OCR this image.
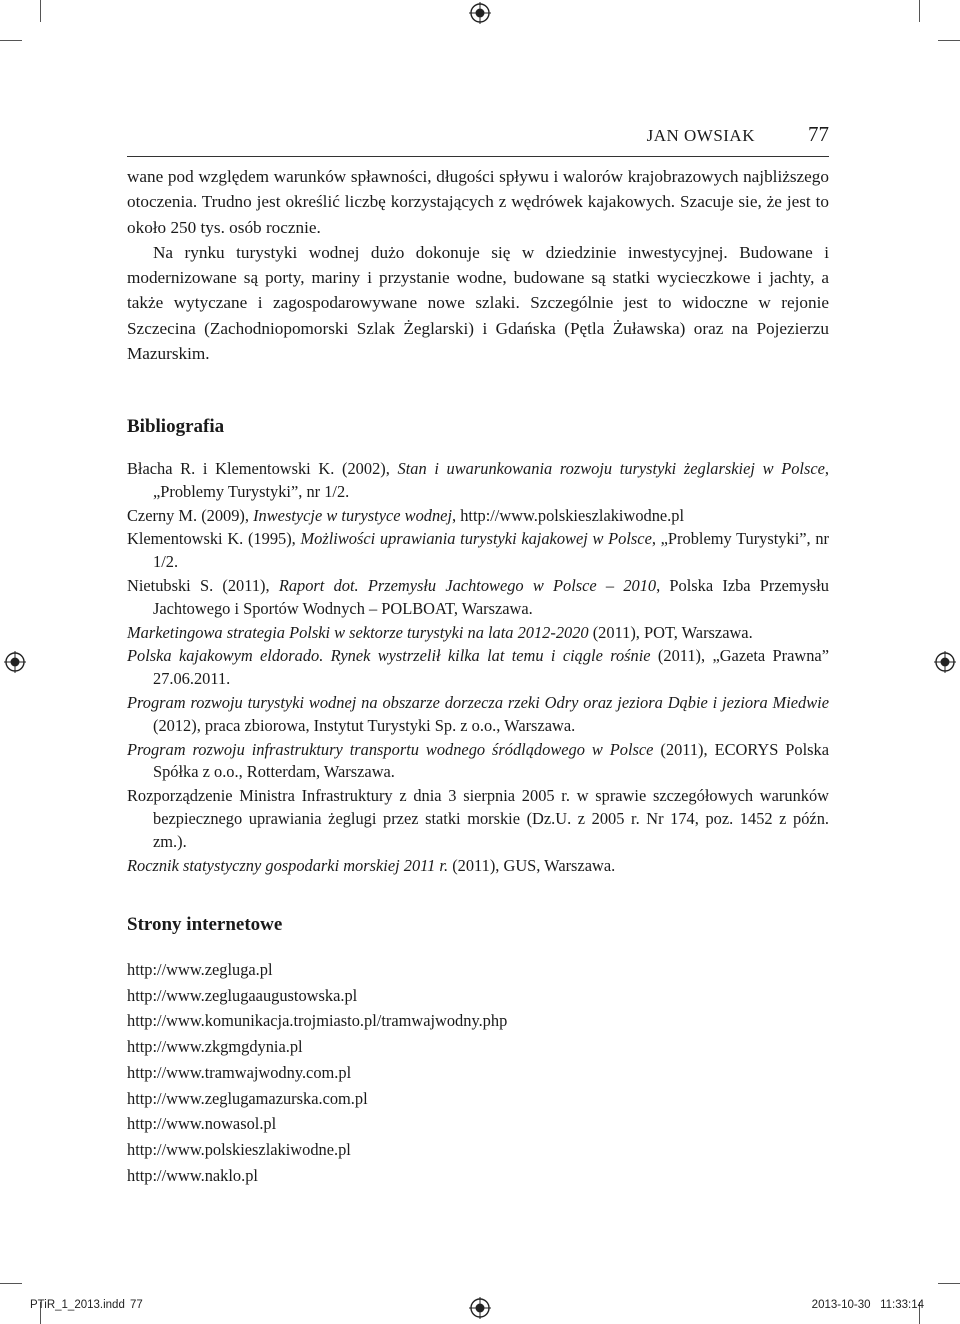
JAN OWSIAK	77

wane pod względem warunków spławności, długości spływu i walorów krajobrazowych najbliższego otoczenia. Trudno jest określić liczbę korzystających z wędrówek kajakowych. Szacuje sie, że jest to około 250 tys. osób rocznie.

Na rynku turystyki wodnej dużo dokonuje się w dziedzinie inwestycyjnej. Budowane i modernizowane są porty, mariny i przystanie wodne, budowane są statki wycieczkowe i jachty, a także wytyczane i zagospodarowywane nowe szlaki. Szczególnie jest to widoczne w rejonie Szczecina (Zachodniopomorski Szlak Żeglarski) i Gdańska (Pętla Żuławska) oraz na Pojezierzu Mazurskim.

Bibliografia
Błacha R. i Klementowski K. (2002), Stan i uwarunkowania rozwoju turystyki żeglarskiej w Polsce, „Problemy Turystyki”, nr 1/2.
Czerny M. (2009), Inwestycje w turystyce wodnej, http://www.polskieszlakiwodne.pl
Klementowski K. (1995), Możliwości uprawiania turystyki kajakowej w Polsce, „Problemy Turystyki”, nr 1/2.
Nietubski S. (2011), Raport dot. Przemysłu Jachtowego w Polsce – 2010, Polska Izba Przemysłu Jachtowego i Sportów Wodnych – POLBOAT, Warszawa.
Marketingowa strategia Polski w sektorze turystyki na lata 2012-2020 (2011), POT, Warszawa.
Polska kajakowym eldorado. Rynek wystrzelił kilka lat temu i ciągle rośnie (2011), „Gazeta Prawna” 27.06.2011.
Program rozwoju turystyki wodnej na obszarze dorzecza rzeki Odry oraz jeziora Dąbie i jeziora Miedwie (2012), praca zbiorowa, Instytut Turystyki Sp. z o.o., Warszawa.
Program rozwoju infrastruktury transportu wodnego śródlądowego w Polsce (2011), ECORYS Polska Spółka z o.o., Rotterdam, Warszawa.
Rozporządzenie Ministra Infrastruktury z dnia 3 sierpnia 2005 r. w sprawie szczegółowych warunków bezpiecznego uprawiania żeglugi przez statki morskie (Dz.U. z 2005 r. Nr 174, poz. 1452 z późn. zm.).
Rocznik statystyczny gospodarki morskiej 2011 r. (2011), GUS, Warszawa.
Strony internetowe
http://www.zegluga.pl
http://www.zeglugaaugustowska.pl
http://www.komunikacja.trojmiasto.pl/tramwajwodny.php
http://www.zkgmgdynia.pl
http://www.tramwajwodny.com.pl
http://www.zeglugamazurska.com.pl
http://www.nowasol.pl
http://www.polskieszlakiwodne.pl
http://www.naklo.pl
PTiR_1_2013.indd 77	2013-10-30   11:33:14
